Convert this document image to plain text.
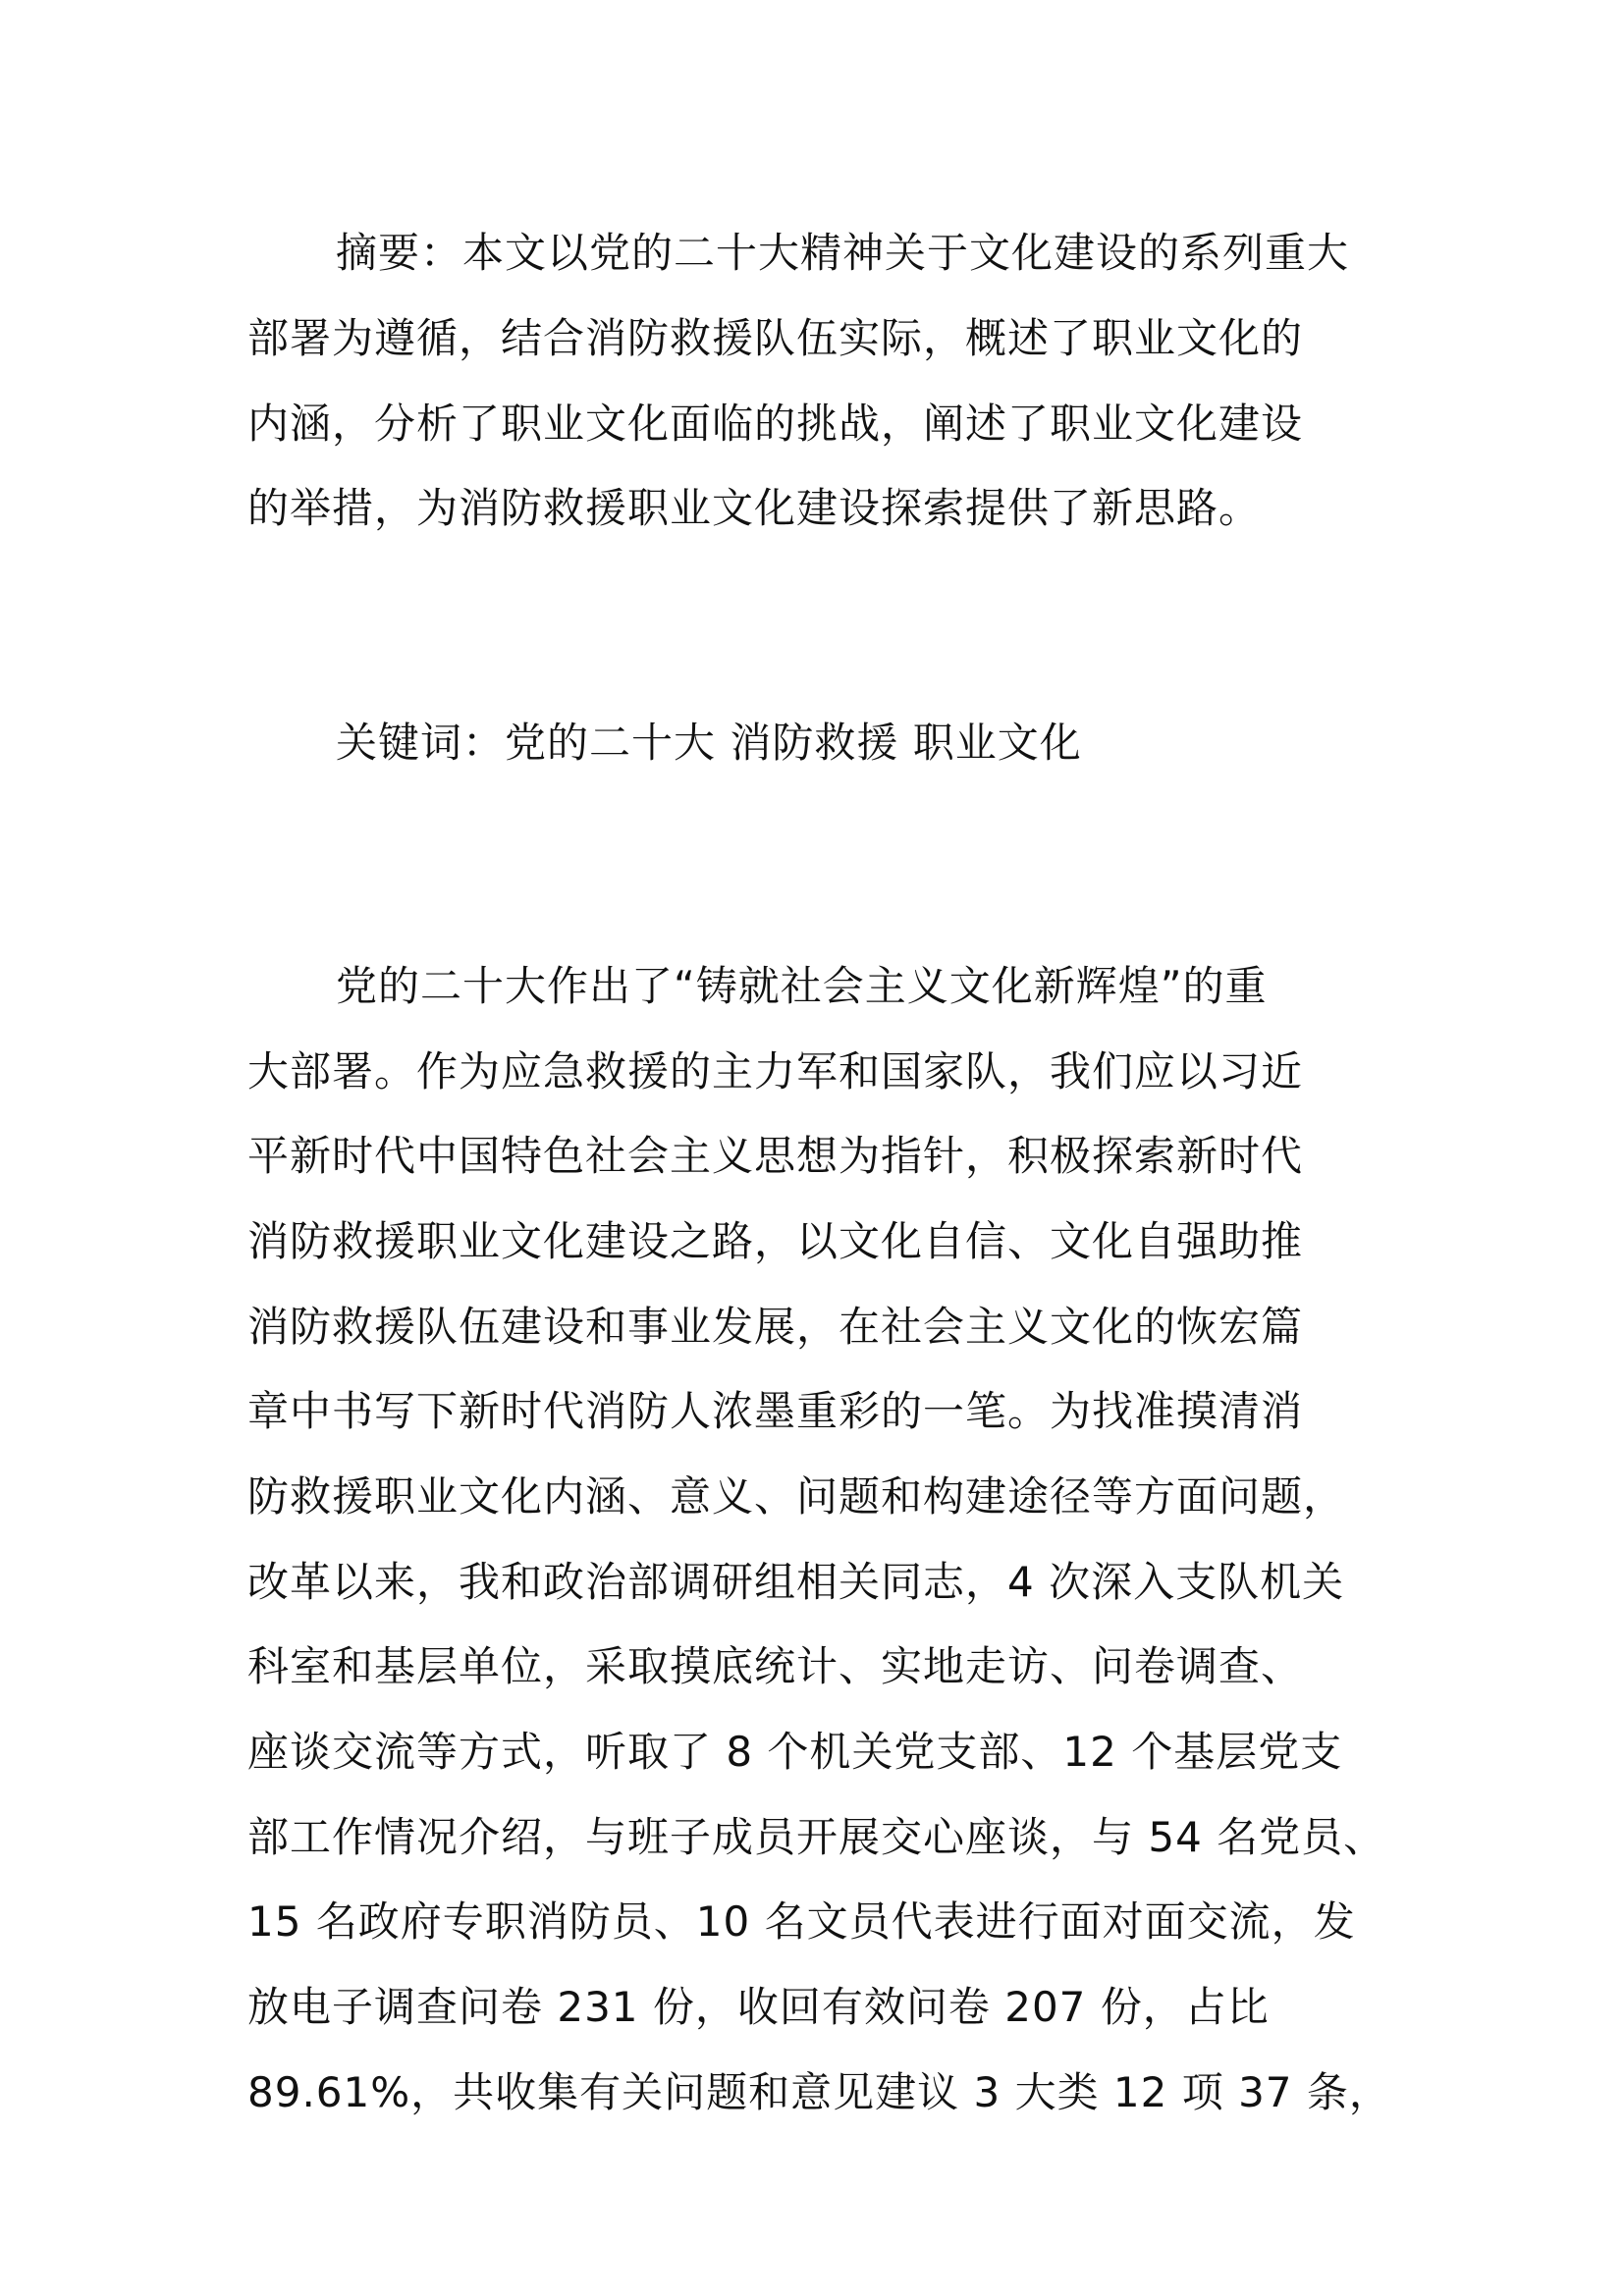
摘要：本文以党的二十大精神关于文化建设的系列重大
部署为遵循，结合消防救援队伍实际，概述了职业文化的
内涵，分析了职业文化面临的挑战，阐述了职业文化建设
的举措，为消防救援职业文化建设探索提供了新思路。
关键词：党的二十大 消防救援 职业文化
党的二十大作出了“铸就社会主义文化新辉煌”的重
大部署。作为应急救援的主力军和国家队，我们应以习近
平新时代中国特色社会主义思想为指针，积极探索新时代
消防救援职业文化建设之路，以文化自信、文化自强助推
消防救援队伍建设和事业发展，在社会主义文化的恢宏篇
章中书写下新时代消防人浓墨重彩的一笔。为找准摸清消
防救援职业文化内涵、意义、问题和构建途径等方面问题，
改革以来，我和政治部调研组相关同志，4 次深入支队机关
科室和基层单位，采取摸底统计、实地走访、问卷调查、
座谈交流等方式，听取了 8 个机关党支部、12 个基层党支
部工作情况介绍，与班子成员开展交心座谈，与 54 名党员、
15 名政府专职消防员、10 名文员代表进行面对面交流，发
放电子调查问卷 231 份，收回有效问卷 207 份，占比
89.61%，共收集有关问题和意见建议 3 大类 12 项 37 条，
